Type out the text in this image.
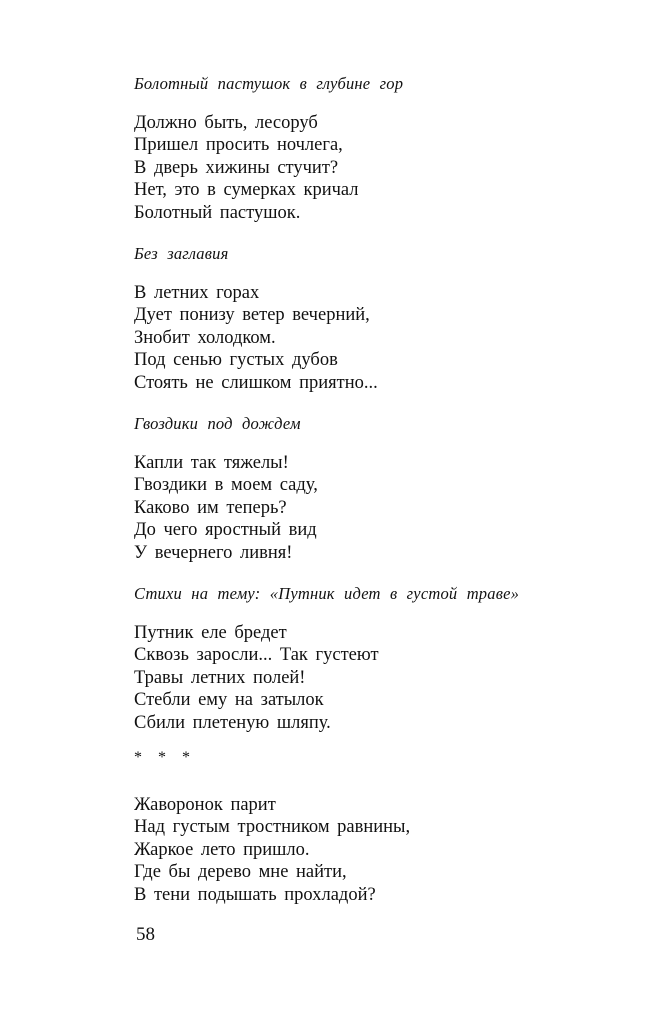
Болотный пастушок в глубине гор
Должно быть, лесоруб
Пришел просить ночлега,
В дверь хижины стучит?
Нет, это в сумерках кричал
Болотный пастушок.
Без заглавия
В летних горах
Дует понизу ветер вечерний,
Знобит холодком.
Под сенью густых дубов
Стоять не слишком приятно...
Гвоздики под дождем
Капли так тяжелы!
Гвоздики в моем саду,
Каково им теперь?
До чего яростный вид
У вечернего ливня!
Стихи на тему: «Путник идет в густой траве»
Путник еле бредет
Сквозь заросли... Так густеют
Травы летних полей!
Стебли ему на затылок
Сбили плетеную шляпу.
* * *
Жаворонок парит
Над густым тростником равнины,
Жаркое лето пришло.
Где бы дерево мне найти,
В тени подышать прохладой?
58
